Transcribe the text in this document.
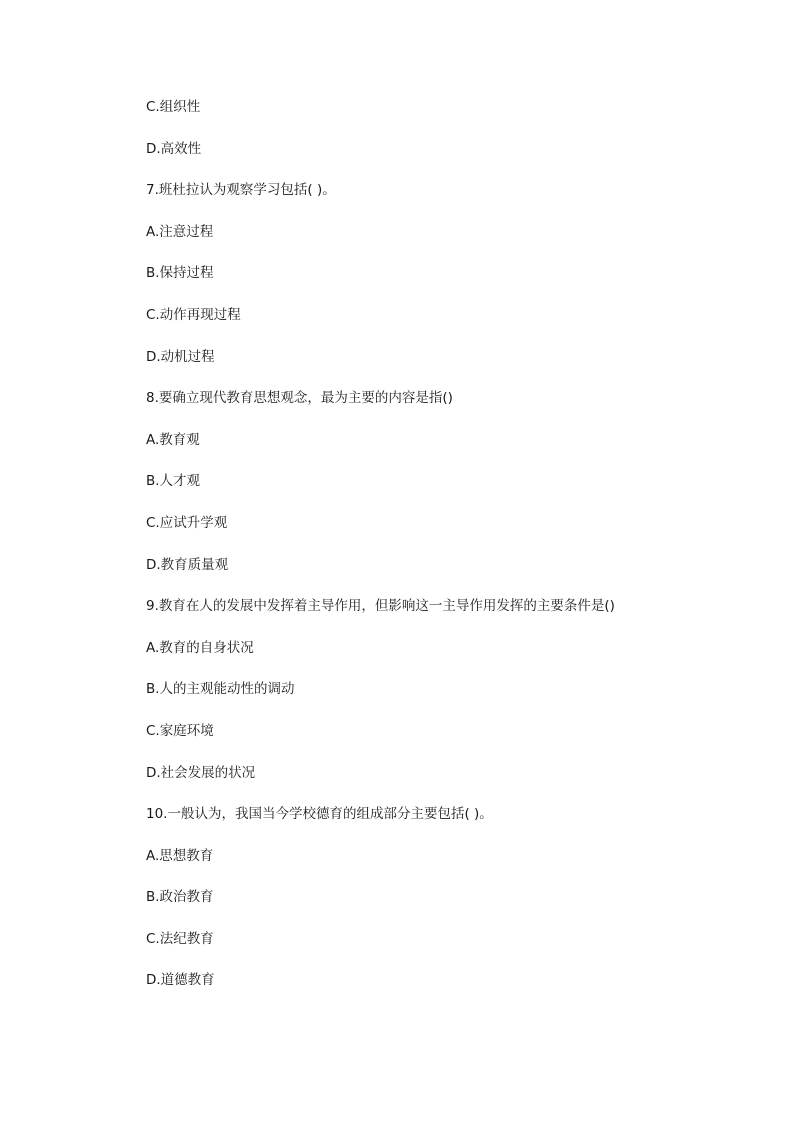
C.组织性
D.高效性
7.班杜拉认为观察学习包括( )。
A.注意过程
B.保持过程
C.动作再现过程
D.动机过程
8.要确立现代教育思想观念，最为主要的内容是指()
A.教育观
B.人才观
C.应试升学观
D.教育质量观
9.教育在人的发展中发挥着主导作用，但影响这一主导作用发挥的主要条件是()
A.教育的自身状况
B.人的主观能动性的调动
C.家庭环境
D.社会发展的状况
10.一般认为，我国当今学校德育的组成部分主要包括( )。
A.思想教育
B.政治教育
C.法纪教育
D.道德教育
